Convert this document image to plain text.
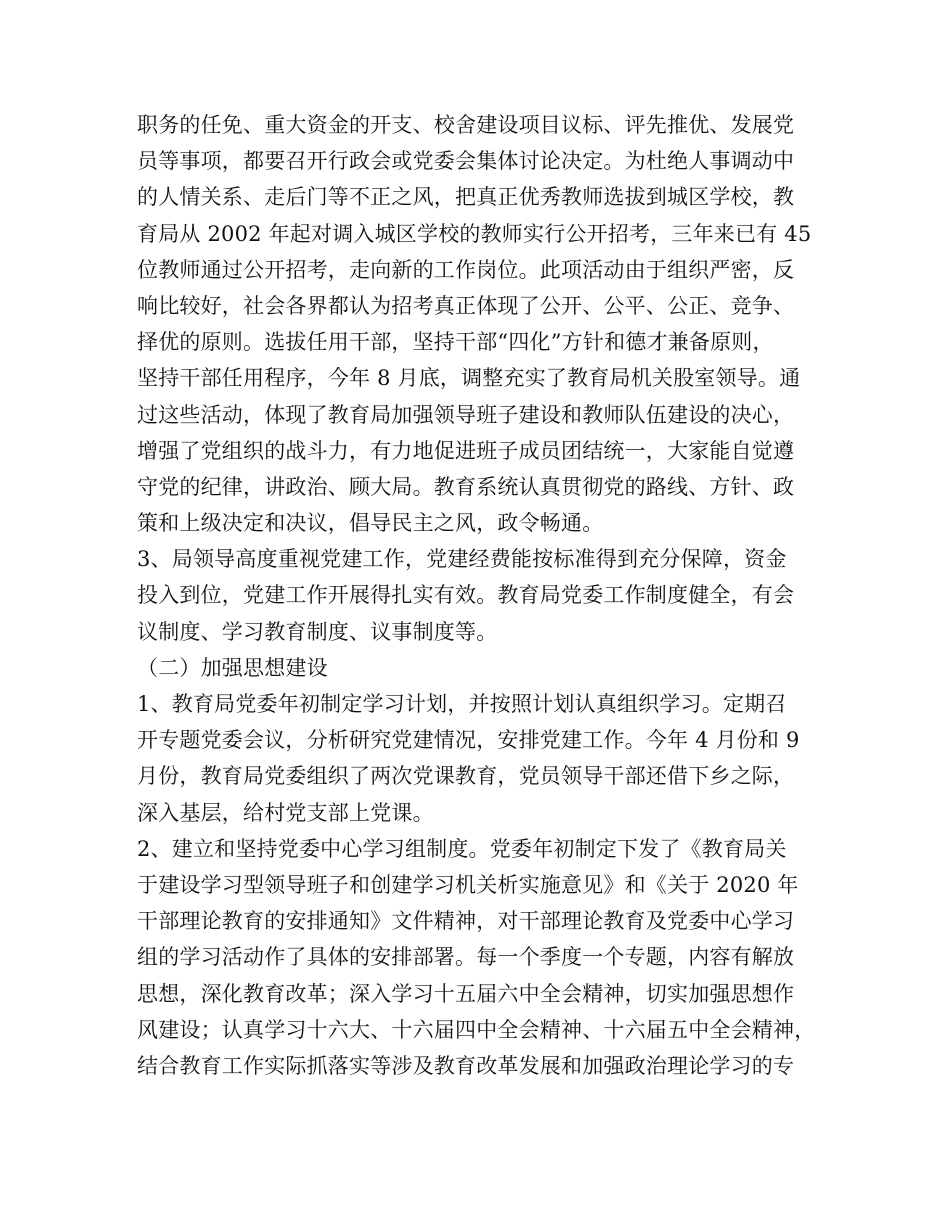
职务的任免、重大资金的开支、校舍建设项目议标、评先推优、发展党
员等事项，都要召开行政会或党委会集体讨论决定。为杜绝人事调动中
的人情关系、走后门等不正之风，把真正优秀教师选拔到城区学校，教
育局从 2002 年起对调入城区学校的教师实行公开招考，三年来已有 45
位教师通过公开招考，走向新的工作岗位。此项活动由于组织严密，反
响比较好，社会各界都认为招考真正体现了公开、公平、公正、竞争、
择优的原则。选拔任用干部，坚持干部“四化”方针和德才兼备原则，
坚持干部任用程序，今年 8 月底，调整充实了教育局机关股室领导。通
过这些活动，体现了教育局加强领导班子建设和教师队伍建设的决心，
增强了党组织的战斗力，有力地促进班子成员团结统一，大家能自觉遵
守党的纪律，讲政治、顾大局。教育系统认真贯彻党的路线、方针、政
策和上级决定和决议，倡导民主之风，政令畅通。
3、局领导高度重视党建工作，党建经费能按标准得到充分保障，资金
投入到位，党建工作开展得扎实有效。教育局党委工作制度健全，有会
议制度、学习教育制度、议事制度等。
（二）加强思想建设
1、教育局党委年初制定学习计划，并按照计划认真组织学习。定期召
开专题党委会议，分析研究党建情况，安排党建工作。今年 4 月份和 9
月份，教育局党委组织了两次党课教育，党员领导干部还借下乡之际，
深入基层，给村党支部上党课。
2、建立和坚持党委中心学习组制度。党委年初制定下发了《教育局关
于建设学习型领导班子和创建学习机关析实施意见》和《关于 2020 年
干部理论教育的安排通知》文件精神，对干部理论教育及党委中心学习
组的学习活动作了具体的安排部署。每一个季度一个专题，内容有解放
思想，深化教育改革；深入学习十五届六中全会精神，切实加强思想作
风建设；认真学习十六大、十六届四中全会精神、十六届五中全会精神，
结合教育工作实际抓落实等涉及教育改革发展和加强政治理论学习的专
